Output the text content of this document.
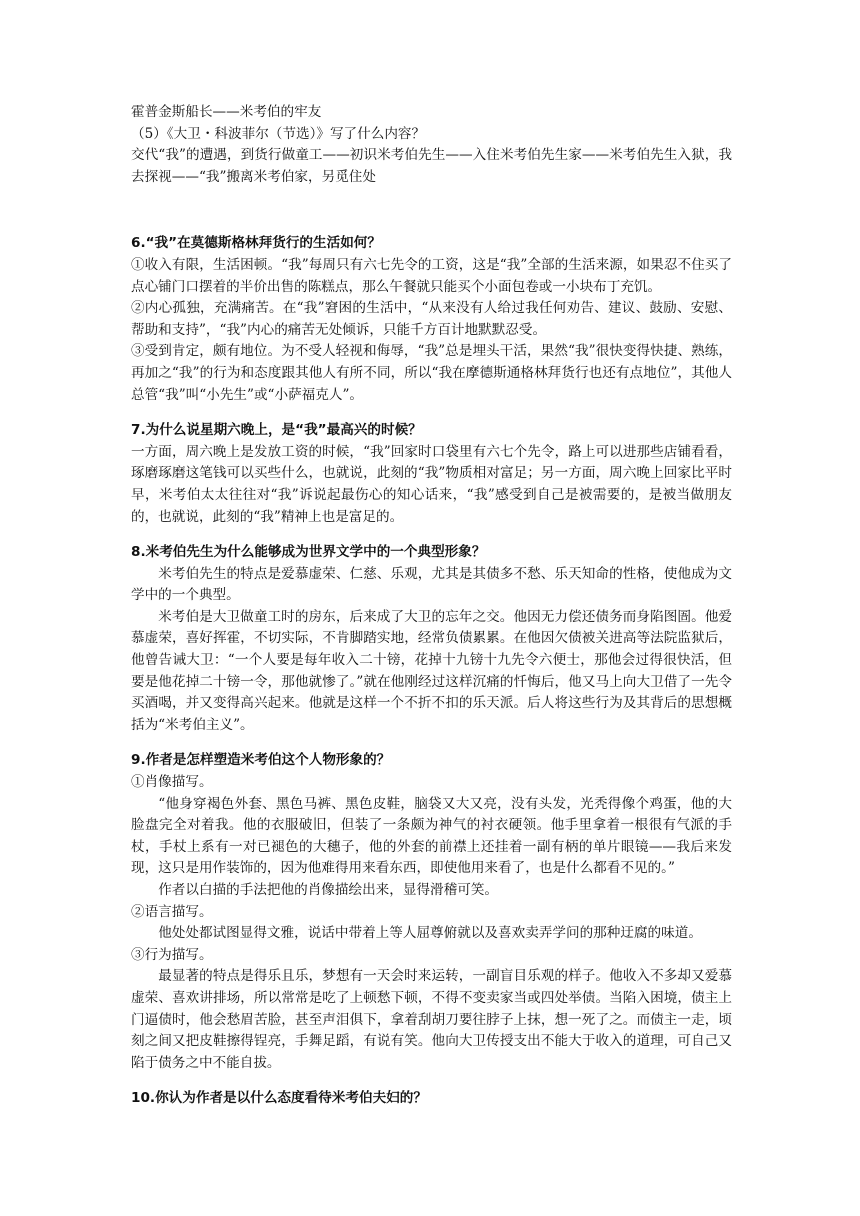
霍普金斯船长——米考伯的牢友

（5）《大卫・科波菲尔（节选）》写了什么内容？

交代“我”的遭遇，到货行做童工——初识米考伯先生——入住米考伯先生家——米考伯先生入狱，我去探视——“我”搬离米考伯家，另觅住处

6.“我”在莫德斯格林拜货行的生活如何？

①收入有限，生活困顿。“我”每周只有六七先令的工资，这是“我”全部的生活来源，如果忍不住买了点心铺门口摆着的半价出售的陈糕点，那么午餐就只能买个小面包卷或一小块布丁充饥。

②内心孤独，充满痛苦。在“我”窘困的生活中，“从来没有人给过我任何劝告、建议、鼓励、安慰、帮助和支持”，“我”内心的痛苦无处倾诉，只能千方百计地默默忍受。

③受到肯定，颇有地位。为不受人轻视和侮辱，“我”总是埋头干活，果然“我”很快变得快捷、熟练，再加之“我”的行为和态度跟其他人有所不同，所以“我在摩德斯通格林拜货行也还有点地位”，其他人总管“我”叫“小先生”或“小萨福克人”。

7.为什么说星期六晚上，是“我”最高兴的时候？

一方面，周六晚上是发放工资的时候，“我”回家时口袋里有六七个先令，路上可以进那些店铺看看，琢磨琢磨这笔钱可以买些什么，也就说，此刻的“我”物质相对富足；另一方面，周六晚上回家比平时早，米考伯太太往往对“我”诉说起最伤心的知心话来，“我”感受到自己是被需要的，是被当做朋友的，也就说，此刻的“我”精神上也是富足的。

8.米考伯先生为什么能够成为世界文学中的一个典型形象？

米考伯先生的特点是爱慕虚荣、仁慈、乐观，尤其是其债多不愁、乐天知命的性格，使他成为文学中的一个典型。

米考伯是大卫做童工时的房东，后来成了大卫的忘年之交。他因无力偿还债务而身陷图圄。他爱慕虚荣，喜好挥霍，不切实际，不肯脚踏实地，经常负债累累。在他因欠债被关进高等法院监狱后，他曾告诫大卫：“一个人要是每年收入二十镑，花掉十九镑十九先令六便士，那他会过得很快活，但要是他花掉二十镑一令，那他就惨了。”就在他刚经过这样沉痛的忏悔后，他又马上向大卫借了一先令买酒喝，并又变得高兴起来。他就是这样一个不折不扣的乐天派。后人将这些行为及其背后的思想概括为“米考伯主义”。

9.作者是怎样塑造米考伯这个人物形象的？

①肖像描写。

“他身穿褐色外套、黑色马裤、黑色皮鞋，脑袋又大又亮，没有头发，光秃得像个鸡蛋，他的大脸盘完全对着我。他的衣服破旧，但装了一条颇为神气的衬衣硬领。他手里拿着一根很有气派的手杖，手杖上系有一对已褪色的大穗子，他的外套的前襟上还挂着一副有柄的单片眼镜——我后来发现，这只是用作装饰的，因为他难得用来看东西，即使他用来看了，也是什么都看不见的。”

作者以白描的手法把他的肖像描绘出来，显得滑稽可笑。

②语言描写。

他处处都试图显得文雅，说话中带着上等人屈尊俯就以及喜欢卖弄学问的那种迂腐的味道。

③行为描写。

最显著的特点是得乐且乐，梦想有一天会时来运转，一副盲目乐观的样子。他收入不多却又爱慕虚荣、喜欢讲排场，所以常常是吃了上顿愁下顿，不得不变卖家当或四处举债。当陷入困境，债主上门逼债时，他会愁眉苦脸，甚至声泪俱下，拿着刮胡刀要往脖子上抹，想一死了之。而债主一走，顷刻之间又把皮鞋擦得锃亮，手舞足蹈，有说有笑。他向大卫传授支出不能大于收入的道理，可自己又陷于债务之中不能自拔。

10.你认为作者是以什么态度看待米考伯夫妇的？
